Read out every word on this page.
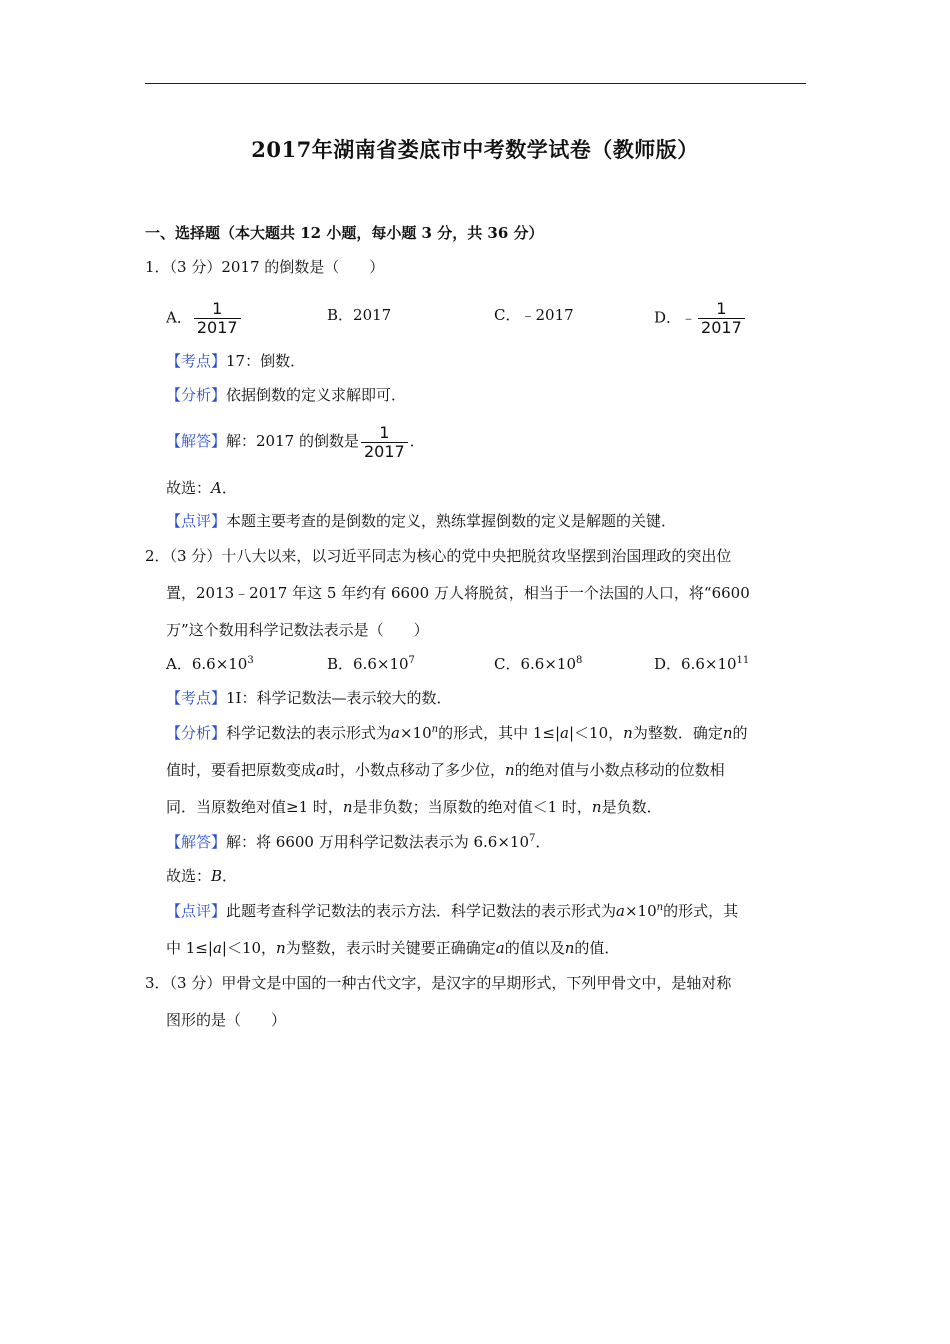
2017年湖南省娄底市中考数学试卷（教师版）
一、选择题（本大题共 12 小题，每小题 3 分，共 36 分）
1．（3 分）2017 的倒数是（　　）
A． $\frac{1}{2017}$	B．2017	C．﹣2017	D．﹣ $\frac{1}{2017}$
【考点】17：倒数．
【分析】依据倒数的定义求解即可．
【解答】解：2017 的倒数是 $\frac{1}{2017}$ ．
故选：A．
【点评】本题主要考查的是倒数的定义，熟练掌握倒数的定义是解题的关键．
2．（3 分）十八大以来，以习近平同志为核心的党中央把脱贫攻坚摆到治国理政的突出位
置，2013﹣2017 年这 5 年约有 6600 万人将脱贫，相当于一个法国的人口，将“6600
万”这个数用科学记数法表示是（　　）
A．$6.6\times 10^3$	B．$6.6\times 10^7$	C．$6.6\times 10^8$	D．$6.6\times 10^{11}$
【考点】1I：科学记数法—表示较大的数．
【分析】科学记数法的表示形式为$a\times 10^n$的形式，其中 1≤|a|＜10，n为整数．确定n的
值时，要看把原数变成a时，小数点移动了多少位，n的绝对值与小数点移动的位数相
同．当原数绝对值≥1 时，n是非负数；当原数的绝对值＜1 时，n是负数．
【解答】解：将 6600 万用科学记数法表示为 $6.6\times 10^7$．
故选：B．
【点评】此题考查科学记数法的表示方法．科学记数法的表示形式为$a\times 10^n$的形式，其
中 1≤|a|＜10，n为整数，表示时关键要正确确定a的值以及n的值．
3．（3 分）甲骨文是中国的一种古代文字，是汉字的早期形式，下列甲骨文中，是轴对称
图形的是（　　）
